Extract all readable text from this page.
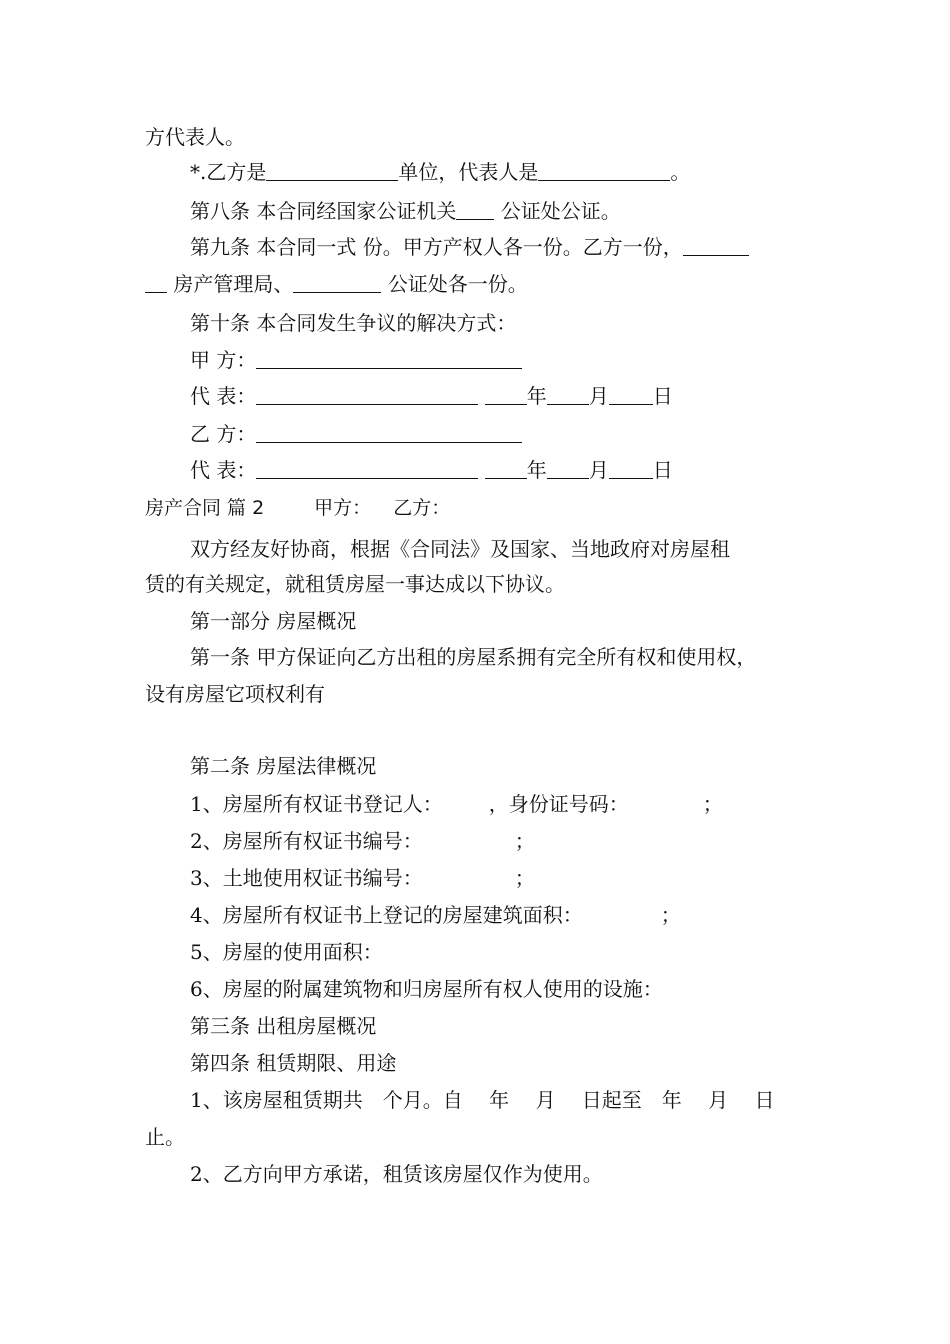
方代表人。
*.乙方是	单位，代表人是	。
第八条 本合同经国家公证机关 公证处公证。
第九条 本合同一式 份。甲方产权人各一份。乙方一份，
房产管理局、	公证处各一份。
第十条 本合同发生争议的解决方式：
甲 方：
代 表：	年 月 日
乙 方：
代 表：	年 月 日
房产合同 篇 2	甲方： 乙方：
双方经友好协商，根据《合同法》及国家、当地政府对房屋租
赁的有关规定，就租赁房屋一事达成以下协议。
第一部分 房屋概况
第一条 甲方保证向乙方出租的房屋系拥有完全所有权和使用权，
设有房屋它项权利有
第二条 房屋法律概况
1、房屋所有权证书登记人： ，身份证号码：	；
2、房屋所有权证书编号：	；
3、土地使用权证书编号：	；
4、房屋所有权证书上登记的房屋建筑面积：	；
5、房屋的使用面积：
6、房屋的附属建筑物和归房屋所有权人使用的设施：
第三条 出租房屋概况
第四条 租赁期限、用途
1、该房屋租赁期共　个月。自　 年　 月　 日起至　年　 月　 日
止。
2、乙方向甲方承诺，租赁该房屋仅作为使用。
